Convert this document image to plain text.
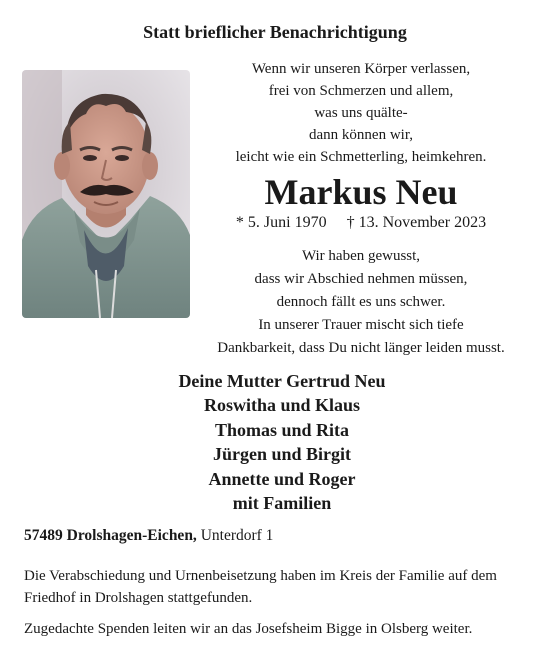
Statt brieflicher Benachrichtigung
Wenn wir unseren Körper verlassen,
frei von Schmerzen und allem,
was uns quälte-
dann können wir,
leicht wie ein Schmetterling, heimkehren.
Markus Neu
* 5. Juni 1970 † 13. November 2023
Wir haben gewusst,
dass wir Abschied nehmen müssen,
dennoch fällt es uns schwer.
In unserer Trauer mischt sich tiefe
Dankbarkeit, dass Du nicht länger leiden musst.
Deine Mutter Gertrud Neu
Roswitha und Klaus
Thomas und Rita
Jürgen und Birgit
Annette und Roger
mit Familien
57489 Drolshagen-Eichen, Unterdorf 1
Die Verabschiedung und Urnenbeisetzung haben im Kreis der Familie auf dem Friedhof in Drolshagen stattgefunden.
Zugedachte Spenden leiten wir an das Josefsheim Bigge in Olsberg weiter.
